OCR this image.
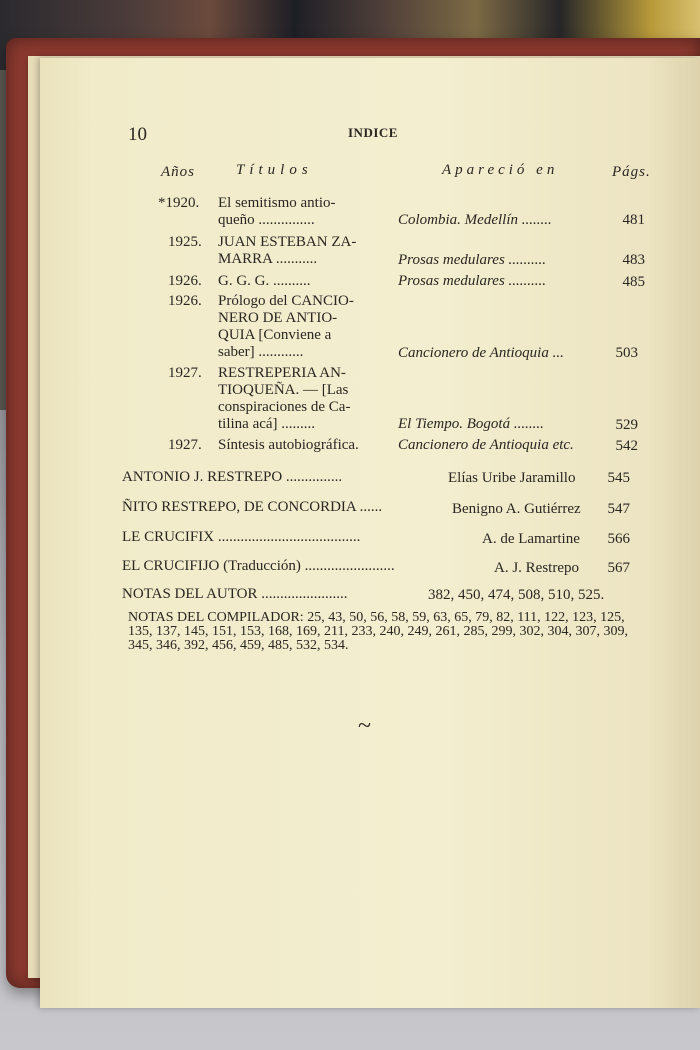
10	INDICE
Años	Títulos	Apareció en	Págs.
*1920. El semitismo antio-
queño ...............	Colombia. Medellín ........	481
1925. JUAN ESTEBAN ZA-
MARRA ...........	Prosas medulares ..........	483
1926. G. G. G. ..........	Prosas medulares ..........	485
1926. Prólogo del CANCIO-
NERO DE ANTIO-
QUIA [Conviene a
saber] ............	Cancionero de Antioquia ...	503
1927. RESTREPERIA AN-
TIOQUEÑA. — [Las
conspiraciones de Ca-
tilina acá] .........	El Tiempo. Bogotá ........	529
1927. Síntesis autobiográfica.	Cancionero de Antioquia etc.	542
ANTONIO J. RESTREPO ...............	Elías Uribe Jaramillo	545
ÑITO RESTREPO, DE CONCORDIA ......	Benigno A. Gutiérrez	547
LE CRUCIFIX ......................................	A. de Lamartine	566
EL CRUCIFIJO (Traducción) ........................	A. J. Restrepo	567
NOTAS DEL AUTOR .......................	382, 450, 474, 508, 510, 525.
NOTAS DEL COMPILADOR: 25, 43, 50, 56, 58, 59, 63, 65, 79, 82, 111, 122, 123, 125, 135, 137, 145, 151, 153, 168, 169, 211, 233, 240, 249, 261, 285, 299, 302, 304, 307, 309, 345, 346, 392, 456, 459, 485, 532, 534.
~
